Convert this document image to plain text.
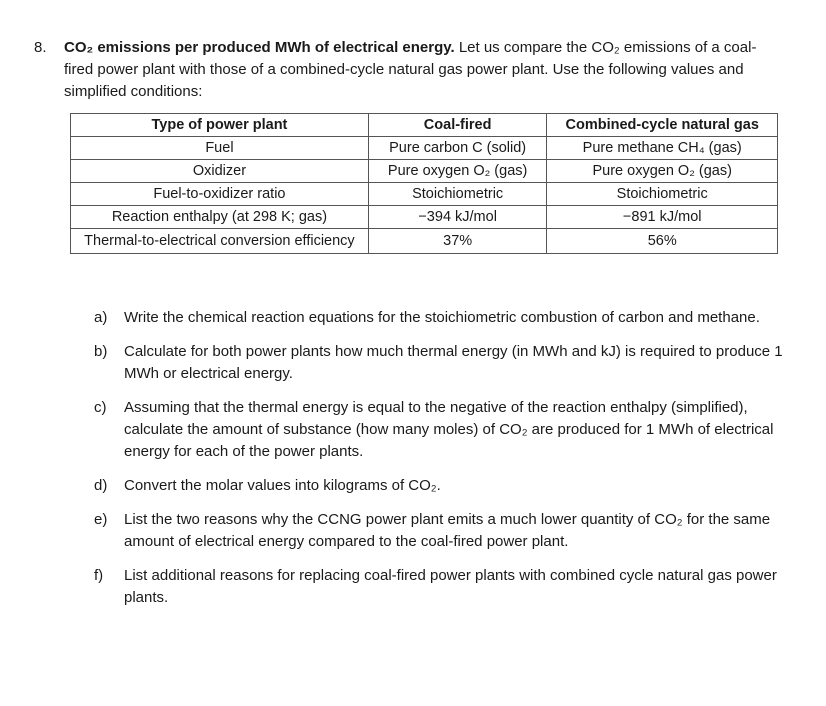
8. CO₂ emissions per produced MWh of electrical energy. Let us compare the CO₂ emissions of a coal-fired power plant with those of a combined-cycle natural gas power plant. Use the following values and simplified conditions:
Type of power plant	Coal-fired	Combined-cycle natural gas
Fuel	Pure carbon C (solid)	Pure methane CH₄ (gas)
Oxidizer	Pure oxygen O₂ (gas)	Pure oxygen O₂ (gas)
Fuel-to-oxidizer ratio	Stoichiometric	Stoichiometric
Reaction enthalpy (at 298 K; gas)	−394 kJ/mol	−891 kJ/mol
Thermal-to-electrical conversion efficiency	37%	56%
a) Write the chemical reaction equations for the stoichiometric combustion of carbon and methane.
b) Calculate for both power plants how much thermal energy (in MWh and kJ) is required to produce 1 MWh or electrical energy.
c) Assuming that the thermal energy is equal to the negative of the reaction enthalpy (simplified), calculate the amount of substance (how many moles) of CO₂ are produced for 1 MWh of electrical energy for each of the power plants.
d) Convert the molar values into kilograms of CO₂.
e) List the two reasons why the CCNG power plant emits a much lower quantity of CO₂ for the same amount of electrical energy compared to the coal-fired power plant.
f) List additional reasons for replacing coal-fired power plants with combined cycle natural gas power plants.
